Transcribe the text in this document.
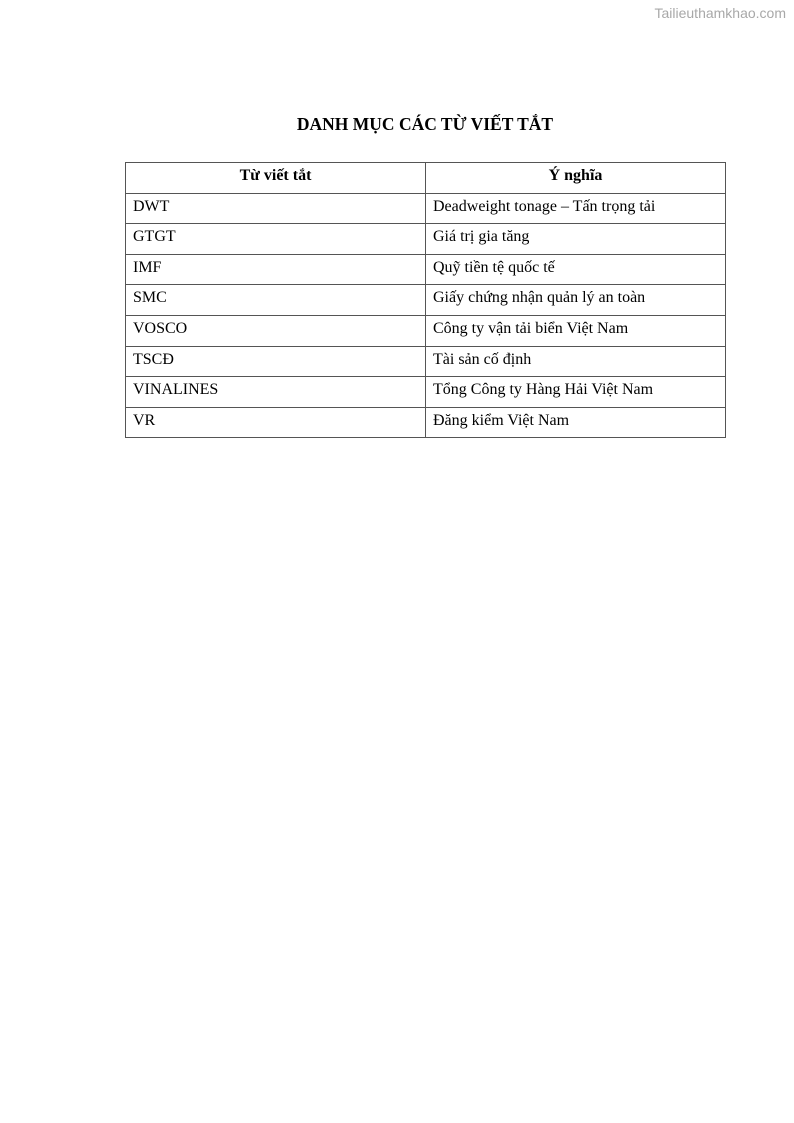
Tailieuthamkhao.com
DANH MỤC CÁC TỪ VIẾT TẮT
Từ viết tắt	Ý nghĩa
DWT	Deadweight tonage – Tấn trọng tải
GTGT	Giá trị gia tăng
IMF	Quỹ tiền tệ quốc tế
SMC	Giấy chứng nhận quản lý an toàn
VOSCO	Công ty vận tải biển Việt Nam
TSCĐ	Tài sản cố định
VINALINES	Tổng Công ty Hàng Hải Việt Nam
VR	Đăng kiểm Việt Nam
